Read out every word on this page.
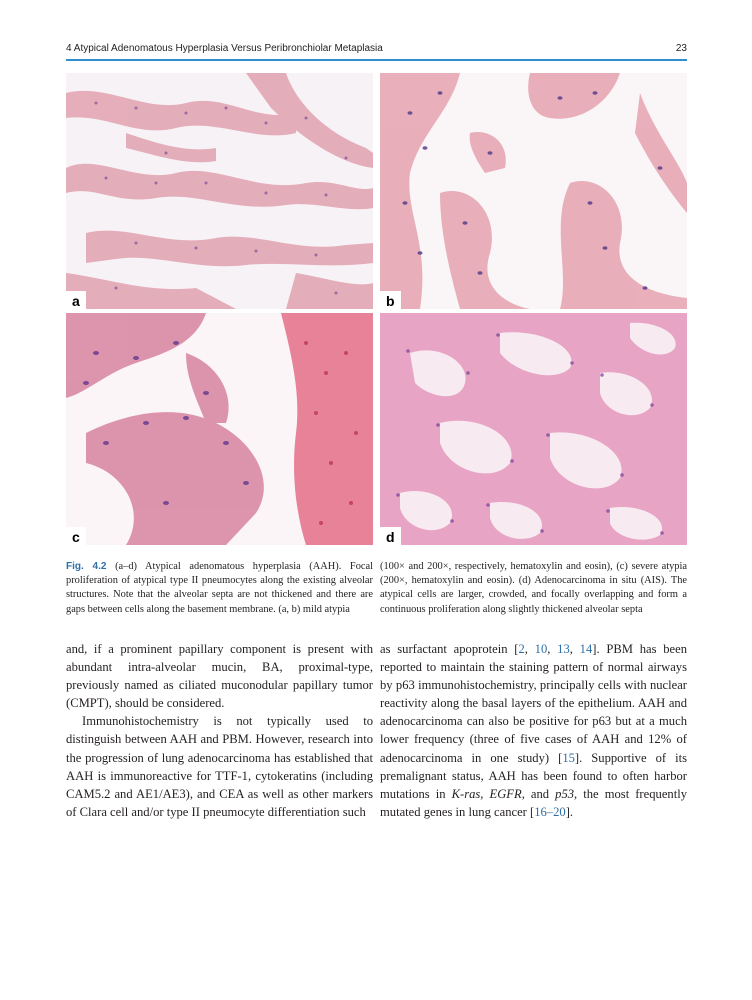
4 Atypical Adenomatous Hyperplasia Versus Peribronchiolar Metaplasia	23
a	b
c	d
Fig. 4.2 (a–d) Atypical adenomatous hyperplasia (AAH). Focal proliferation of atypical type II pneumocytes along the existing alveolar structures. Note that the alveolar septa are not thickened and there are gaps between cells along the basement membrane. (a, b) mild atypia
(100× and 200×, respectively, hematoxylin and eosin), (c) severe atypia (200×, hematoxylin and eosin). (d) Adenocarcinoma in situ (AIS). The atypical cells are larger, crowded, and focally overlapping and form a continuous proliferation along slightly thickened alveolar septa

and, if a prominent papillary component is present with abundant intra-alveolar mucin, BA, proximal-type, previously named as ciliated muconodular papillary tumor (CMPT), should be considered.

Immunohistochemistry is not typically used to distinguish between AAH and PBM. However, research into the progression of lung adenocarcinoma has established that AAH is immunoreactive for TTF-1, cytokeratins (including CAM5.2 and AE1/AE3), and CEA as well as other markers of Clara cell and/or type II pneumocyte differentiation such

as surfactant apoprotein [2, 10, 13, 14]. PBM has been reported to maintain the staining pattern of normal airways by p63 immunohistochemistry, principally cells with nuclear reactivity along the basal layers of the epithelium. AAH and adenocarcinoma can also be positive for p63 but at a much lower frequency (three of five cases of AAH and 12% of adenocarcinoma in one study) [15]. Supportive of its premalignant status, AAH has been found to often harbor mutations in K-ras, EGFR, and p53, the most frequently mutated genes in lung cancer [16–20].
